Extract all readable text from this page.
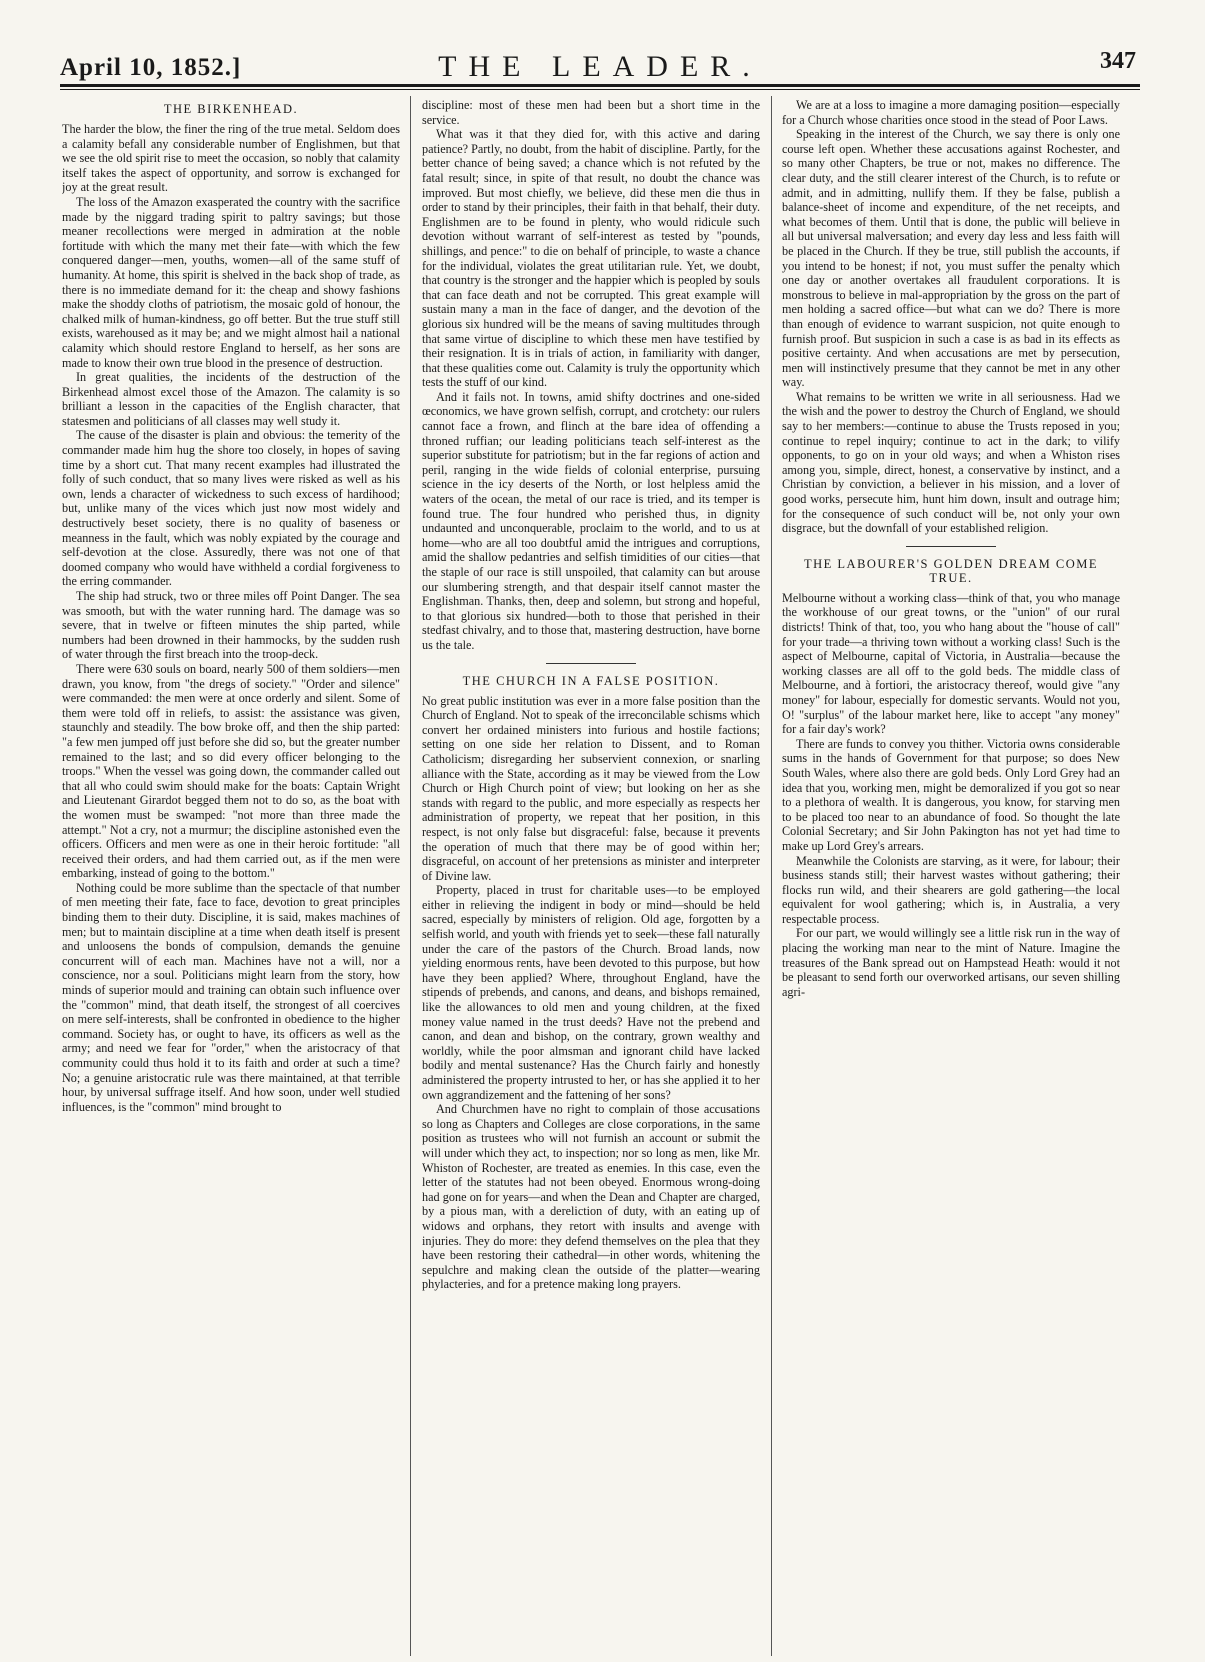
April 10, 1852.]	THE LEADER.	347
THE BIRKENHEAD.

The harder the blow, the finer the ring of the true metal. Seldom does a calamity befall any considerable number of Englishmen, but that we see the old spirit rise to meet the occasion, so nobly that calamity itself takes the aspect of opportunity, and sorrow is exchanged for joy at the great result.

The loss of the Amazon exasperated the country with the sacrifice made by the niggard trading spirit to paltry savings; but those meaner recollections were merged in admiration at the noble fortitude with which the many met their fate—with which the few conquered danger—men, youths, women—all of the same stuff of humanity. At home, this spirit is shelved in the back shop of trade, as there is no immediate demand for it: the cheap and showy fashions make the shoddy cloths of patriotism, the mosaic gold of honour, the chalked milk of human-kindness, go off better. But the true stuff still exists, warehoused as it may be; and we might almost hail a national calamity which should restore England to herself, as her sons are made to know their own true blood in the presence of destruction.

In great qualities, the incidents of the destruction of the Birkenhead almost excel those of the Amazon. The calamity is so brilliant a lesson in the capacities of the English character, that statesmen and politicians of all classes may well study it.

The cause of the disaster is plain and obvious: the temerity of the commander made him hug the shore too closely, in hopes of saving time by a short cut. That many recent examples had illustrated the folly of such conduct, that so many lives were risked as well as his own, lends a character of wickedness to such excess of hardihood; but, unlike many of the vices which just now most widely and destructively beset society, there is no quality of baseness or meanness in the fault, which was nobly expiated by the courage and self-devotion at the close. Assuredly, there was not one of that doomed company who would have withheld a cordial forgiveness to the erring commander.

The ship had struck, two or three miles off Point Danger. The sea was smooth, but with the water running hard. The damage was so severe, that in twelve or fifteen minutes the ship parted, while numbers had been drowned in their hammocks, by the sudden rush of water through the first breach into the troop-deck.

There were 630 souls on board, nearly 500 of them soldiers—men drawn, you know, from "the dregs of society." "Order and silence" were commanded: the men were at once orderly and silent. Some of them were told off in reliefs, to assist: the assistance was given, staunchly and steadily. The bow broke off, and then the ship parted: "a few men jumped off just before she did so, but the greater number remained to the last; and so did every officer belonging to the troops." When the vessel was going down, the commander called out that all who could swim should make for the boats: Captain Wright and Lieutenant Girardot begged them not to do so, as the boat with the women must be swamped: "not more than three made the attempt." Not a cry, not a murmur; the discipline astonished even the officers. Officers and men were as one in their heroic fortitude: "all received their orders, and had them carried out, as if the men were embarking, instead of going to the bottom."

Nothing could be more sublime than the spectacle of that number of men meeting their fate, face to face, devotion to great principles binding them to their duty. Discipline, it is said, makes machines of men; but to maintain discipline at a time when death itself is present and unloosens the bonds of compulsion, demands the genuine concurrent will of each man. Machines have not a will, nor a conscience, nor a soul. Politicians might learn from the story, how minds of superior mould and training can obtain such influence over the "common" mind, that death itself, the strongest of all coercives on mere self-interests, shall be confronted in obedience to the higher command. Society has, or ought to have, its officers as well as the army; and need we fear for "order," when the aristocracy of that community could thus hold it to its faith and order at such a time? No; a genuine aristocratic rule was there maintained, at that terrible hour, by universal suffrage itself. And how soon, under well studied influences, is the "common" mind brought to

discipline: most of these men had been but a short time in the service.

What was it that they died for, with this active and daring patience? Partly, no doubt, from the habit of discipline. Partly, for the better chance of being saved; a chance which is not refuted by the fatal result; since, in spite of that result, no doubt the chance was improved. But most chiefly, we believe, did these men die thus in order to stand by their principles, their faith in that behalf, their duty. Englishmen are to be found in plenty, who would ridicule such devotion without warrant of self-interest as tested by "pounds, shillings, and pence:" to die on behalf of principle, to waste a chance for the individual, violates the great utilitarian rule. Yet, we doubt, that country is the stronger and the happier which is peopled by souls that can face death and not be corrupted. This great example will sustain many a man in the face of danger, and the devotion of the glorious six hundred will be the means of saving multitudes through that same virtue of discipline to which these men have testified by their resignation. It is in trials of action, in familiarity with danger, that these qualities come out. Calamity is truly the opportunity which tests the stuff of our kind.

And it fails not. In towns, amid shifty doctrines and one-sided œconomics, we have grown selfish, corrupt, and crotchety: our rulers cannot face a frown, and flinch at the bare idea of offending a throned ruffian; our leading politicians teach self-interest as the superior substitute for patriotism; but in the far regions of action and peril, ranging in the wide fields of colonial enterprise, pursuing science in the icy deserts of the North, or lost helpless amid the waters of the ocean, the metal of our race is tried, and its temper is found true. The four hundred who perished thus, in dignity undaunted and unconquerable, proclaim to the world, and to us at home—who are all too doubtful amid the intrigues and corruptions, amid the shallow pedantries and selfish timidities of our cities—that the staple of our race is still unspoiled, that calamity can but arouse our slumbering strength, and that despair itself cannot master the Englishman. Thanks, then, deep and solemn, but strong and hopeful, to that glorious six hundred—both to those that perished in their stedfast chivalry, and to those that, mastering destruction, have borne us the tale.

THE CHURCH IN A FALSE POSITION.

No great public institution was ever in a more false position than the Church of England. Not to speak of the irreconcilable schisms which convert her ordained ministers into furious and hostile factions; setting on one side her relation to Dissent, and to Roman Catholicism; disregarding her subservient connexion, or snarling alliance with the State, according as it may be viewed from the Low Church or High Church point of view; but looking on her as she stands with regard to the public, and more especially as respects her administration of property, we repeat that her position, in this respect, is not only false but disgraceful: false, because it prevents the operation of much that there may be of good within her; disgraceful, on account of her pretensions as minister and interpreter of Divine law.

Property, placed in trust for charitable uses—to be employed either in relieving the indigent in body or mind—should be held sacred, especially by ministers of religion. Old age, forgotten by a selfish world, and youth with friends yet to seek—these fall naturally under the care of the pastors of the Church. Broad lands, now yielding enormous rents, have been devoted to this purpose, but how have they been applied? Where, throughout England, have the stipends of prebends, and canons, and deans, and bishops remained, like the allowances to old men and young children, at the fixed money value named in the trust deeds? Have not the prebend and canon, and dean and bishop, on the contrary, grown wealthy and worldly, while the poor almsman and ignorant child have lacked bodily and mental sustenance? Has the Church fairly and honestly administered the property intrusted to her, or has she applied it to her own aggrandizement and the fattening of her sons?

And Churchmen have no right to complain of those accusations so long as Chapters and Colleges are close corporations, in the same position as trustees who will not furnish an account or submit the will under which they act, to inspection; nor so long as men, like Mr. Whiston of Rochester, are treated as enemies. In this case, even the letter of the statutes had not been obeyed. Enormous wrong-doing had gone on for years—and when the Dean and Chapter are charged, by a pious man, with a dereliction of duty, with an eating up of widows and orphans, they retort with insults and avenge with injuries. They do more: they defend themselves on the plea that they have been restoring their cathedral—in other words, whitening the sepulchre and making clean the outside of the platter—wearing phylacteries, and for a pretence making long prayers.

We are at a loss to imagine a more damaging position—especially for a Church whose charities once stood in the stead of Poor Laws.

Speaking in the interest of the Church, we say there is only one course left open. Whether these accusations against Rochester, and so many other Chapters, be true or not, makes no difference. The clear duty, and the still clearer interest of the Church, is to refute or admit, and in admitting, nullify them. If they be false, publish a balance-sheet of income and expenditure, of the net receipts, and what becomes of them. Until that is done, the public will believe in all but universal malversation; and every day less and less faith will be placed in the Church. If they be true, still publish the accounts, if you intend to be honest; if not, you must suffer the penalty which one day or another overtakes all fraudulent corporations. It is monstrous to believe in mal-appropriation by the gross on the part of men holding a sacred office—but what can we do? There is more than enough of evidence to warrant suspicion, not quite enough to furnish proof. But suspicion in such a case is as bad in its effects as positive certainty. And when accusations are met by persecution, men will instinctively presume that they cannot be met in any other way.

What remains to be written we write in all seriousness. Had we the wish and the power to destroy the Church of England, we should say to her members:—continue to abuse the Trusts reposed in you; continue to repel inquiry; continue to act in the dark; to vilify opponents, to go on in your old ways; and when a Whiston rises among you, simple, direct, honest, a conservative by instinct, and a Christian by conviction, a believer in his mission, and a lover of good works, persecute him, hunt him down, insult and outrage him; for the consequence of such conduct will be, not only your own disgrace, but the downfall of your established religion.

THE LABOURER'S GOLDEN DREAM COME TRUE.

Melbourne without a working class—think of that, you who manage the workhouse of our great towns, or the "union" of our rural districts! Think of that, too, you who hang about the "house of call" for your trade—a thriving town without a working class! Such is the aspect of Melbourne, capital of Victoria, in Australia—because the working classes are all off to the gold beds. The middle class of Melbourne, and à fortiori, the aristocracy thereof, would give "any money" for labour, especially for domestic servants. Would not you, O! "surplus" of the labour market here, like to accept "any money" for a fair day's work?

There are funds to convey you thither. Victoria owns considerable sums in the hands of Government for that purpose; so does New South Wales, where also there are gold beds. Only Lord Grey had an idea that you, working men, might be demoralized if you got so near to a plethora of wealth. It is dangerous, you know, for starving men to be placed too near to an abundance of food. So thought the late Colonial Secretary; and Sir John Pakington has not yet had time to make up Lord Grey's arrears.

Meanwhile the Colonists are starving, as it were, for labour; their business stands still; their harvest wastes without gathering; their flocks run wild, and their shearers are gold gathering—the local equivalent for wool gathering; which is, in Australia, a very respectable process.

For our part, we would willingly see a little risk run in the way of placing the working man near to the mint of Nature. Imagine the treasures of the Bank spread out on Hampstead Heath: would it not be pleasant to send forth our overworked artisans, our seven shilling agri-
